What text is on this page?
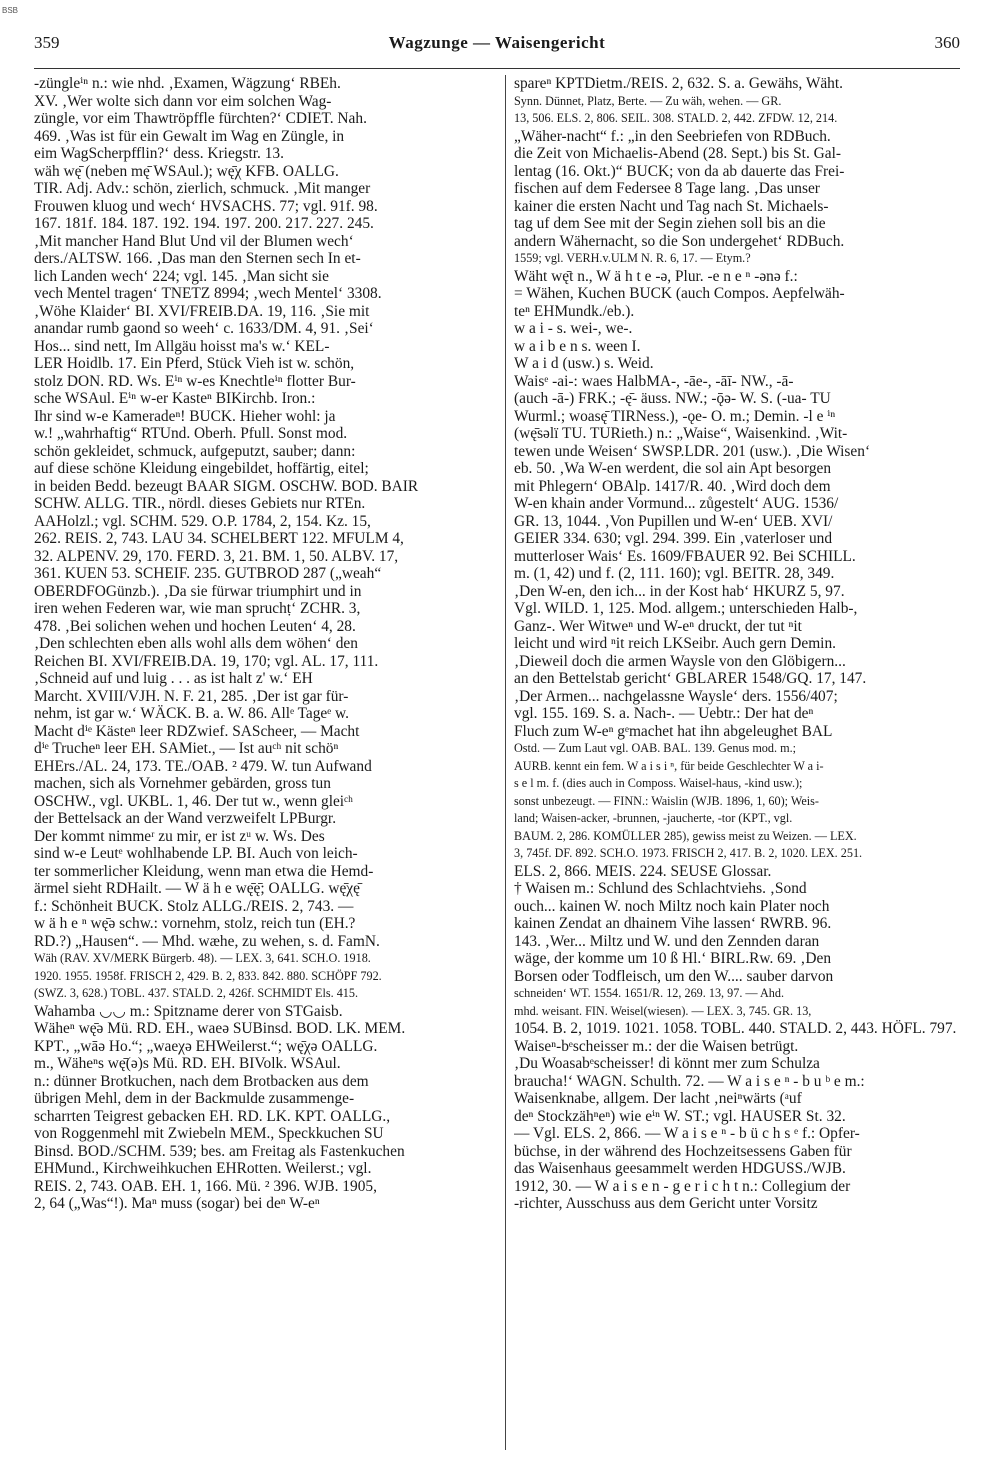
BSB
359	Wagzunge — Waisengericht	360
-züngleⁱⁿ n.: wie nhd. ‚Examen, Wägzung‘ RBEh.
XV. ‚Wer wolte sich dann vor eim solchen Wag-
züngle, vor eim Thawtröpffle fürchten?‘ CDIET. Nah.
469. ‚Was ist für ein Gewalt im Wag en Zünglе, in
eim WagScherpfflin?‘ dess. Kriegstr. 13.
wäh wę̄ (neben mę̄ WSAul.); wę̄χ KFB. OALLG.
TIR. Adj. Adv.: schön, zierlich, schmuck. ‚Mit manger
Frouwen kluog und wech‘ HVSACHS. 77; vgl. 91f. 98.
167. 181f. 184. 187. 192. 194. 197. 200. 217. 227. 245.
‚Mit mancher Hand Blut Und vil der Blumen wech‘
ders./ALTSW. 166. ‚Das man den Sternen sech In et-
lich Landen wech‘ 224; vgl. 145. ‚Man sicht sie
vech Mentel tragen‘ TNETZ 8994; ‚wech Mentel‘ 3308.
‚Wöhe Klaider‘ BI. XVI/FREIB.DA. 19, 116. ‚Sie mit
anandar rumb gaond so weeh‘ c. 1633/DM. 4, 91. ‚Sei‘
Hos... sind nett, Im Allgäu hoisst ma's w.‘ KEL-
LER Hoidlb. 17. Ein Pferd, Stück Vieh ist w. schön,
stolz DON. RD. Ws. Eⁱⁿ w-es Knechtleⁱⁿ flotter Bur-
sche WSAul. Eⁱⁿ w-er Kasteⁿ BIKirchb. Iron.:
Ihr sind w-e Kameradeⁿ! BUCK. Hieher wohl: ja
w.! „wahrhaftig“ RTUnd. Oberh. Pfull. Sonst mod.
schön gekleidet, schmuck, aufgeputzt, sauber; dann:
auf diese schöne Kleidung eingebildet, hoffärtig, eitel;
in beiden Bedd. bezeugt BAAR SIGM. OSCHW. BOD. BAIR
SCHW. ALLG. TIR., nördl. dieses Gebiets nur RTEn.
AAHolzl.; vgl. SCHM. 529. O.P. 1784, 2, 154. Kz. 15,
262. REIS. 2, 743. LAU 34. SCHELBERT 122. MFULM 4,
32. ALPENV. 29, 170. FERD. 3, 21. BM. 1, 50. ALBV. 17,
361. KUEN 53. SCHEIF. 235. GUTBROD 287 („weah“
OBERDFOGünzb.). ‚Da sie fürwar triumphirt und in
iren wehen Federen war, wie man spruchṭ‘ ZCHR. 3,
478. ‚Bei solichen wehen und hochen Leuten‘ 4, 28.
‚Den schlechten eben alls wohl alls dem wöhen‘ den
Reichen BI. XVI/FREIB.DA. 19, 170; vgl. AL. 17, 111.
‚Schneid auf und luig . . . as ist halt z' w.‘ EH
Marcht. XVIII/VJH. N. F. 21, 285. ‚Der ist gar für-
nehm, ist gar w.‘ WÄCK. B. a. W. 86. Allᵉ Tageᵉ w.
Macht dⁱᵉ Kästeⁿ leer RDZwief. SAScheer, — Macht
dⁱᵉ Trucheⁿ leer EH. SAMiet., — Ist auᶜʰ nit schöⁿ
EHErs./AL. 24, 173. TE./OAB. ² 479. W. tun Aufwand
machen, sich als Vornehmer gebärden, gross tun
OSCHW., vgl. UKBL. 1, 46. Der tut w., wenn gleiᶜʰ
der Bettelsack an der Wand verzweifelt LPBurgr.
Der kommt nimmeʳ zu mir, er ist zᵘ w. Ws. Des
sind w-e Leutᵉ wohlhabende LP. BI. Auch von leich-
ter sommerlicher Kleidung, wenn man etwa die Hemd-
ärmel sieht RDHailt. — W ä h e wę̄ę̄; OALLG. wę̄χę̄
f.: Schönheit BUCK. Stolz ALLG./REIS. 2, 743. —
w ä h e ⁿ wę̄ə schw.: vornehm, stolz, reich tun (EH.?
RD.?) „Hausen“. — Mhd. wæhe, zu wehen, s. d. FamN.
Wäh (RAV. XV/MERK Bürgerb. 48). — LEX. 3, 641. SCH.O. 1918.
1920. 1955. 1958f. FRISCH 2, 429. B. 2, 833. 842. 880. SCHÖPF 792.
(SWZ. 3, 628.) TOBL. 437. STALD. 2, 426f. SCHMIDT Els. 415.
Wahamba ◡◡ m.: Spitzname derer von STGaisb.
Wäheⁿ wę̄ə Mü. RD. EH., waeə SUBinsd. BOD. LK. MEM.
KPT., „wāə Ho.“; „waeχə EHWeilerst.“; wę̄χə OALLG.
m., Wäheⁿs wę̄(ə)s Mü. RD. EH. BIVolk. WSAul.
n.: dünner Brotkuchen, nach dem Brotbacken aus dem
übrigen Mehl, dem in der Backmulde zusammenge-
scharrten Teigrest gebacken EH. RD. LK. KPT. OALLG.,
von Roggenmehl mit Zwiebeln MEM., Speckkuchen SU
Binsd. BOD./SCHM. 539; bes. am Freitag als Fastenkuchen
EHMund., Kirchweihkuchen EHRotten. Weilerst.; vgl.
REIS. 2, 743. OAB. EH. 1, 166. Mü. ² 396. WJB. 1905,
2, 64 („Was“!). Maⁿ muss (sogar) bei deⁿ W-eⁿ
spareⁿ KPTDietm./REIS. 2, 632. S. a. Gewähs, Wäht.
Synn. Dünnet, Platz, Berte. — Zu wäh, wehen. — GR.
13, 506. ELS. 2, 806. SEIL. 308. STALD. 2, 442. ZFDW. 12, 214.
„Wäher-nacht“ f.: „in den Seebriefen von RDBuch.
die Zeit von Michaelis-Abend (28. Sept.) bis St. Gal-
lentag (16. Okt.)“ BUCK; von da ab dauerte das Frei-
fischen auf dem Federsee 8 Tage lang. ‚Das unser
kainer die ersten Nacht und Tag nach St. Michaels-
tag uf dem See mit der Segin ziehen soll bis an die
andern Wähernacht, so die Son undergehet‘ RDBuch.
1559; vgl. VERH.v.ULM N. R. 6, 17. — Etym.?
Wäht wę̄t n., W ä h t e -ə, Plur. -e n e ⁿ -ənə f.:
= Wähen, Kuchen BUCK (auch Compos. Aepfelwäh-
teⁿ EHMundk./eb.).
w a i - s. wei-, we-.
w a i b e n s. ween I.
W a i d (usw.) s. Weid.
Waisᵉ -ai-: waes HalbMA-, -āe-, -āī- NW., -ā-
(auch -ā-) FRK.; -ę̄- äuss. NW.; -ǭə- W. S. (-ua- TU
Wurml.; woasę̄ TIRNess.), -ǫe- O. m.; Demin. -l e ⁱⁿ
(wę̄sәlï TU. TURieth.) n.: „Waise“, Waisenkind. ‚Wit-
tewen unde Weisen‘ SWSP.LDR. 201 (usw.). ‚Die Wisen‘
eb. 50. ‚Wa W-en werdent, die sol ain Apt besorgen
mit Phlegern‘ OBAlp. 1417/R. 40. ‚Wird doch dem
W-en khain ander Vormund... zůgestelt‘ AUG. 1536/
GR. 13, 1044. ‚Von Pupillen und W-en‘ UEB. XVI/
GEIER 334. 630; vgl. 294. 399. Ein ‚vaterloser und
mutterloser Wais‘ Es. 1609/FBAUER 92. Bei SCHILL.
m. (1, 42) und f. (2, 111. 160); vgl. BEITR. 28, 349.
‚Den W-en, den ich... in der Kost hab‘ HKURZ 5, 97.
Vgl. WILD. 1, 125. Mod. allgem.; unterschieden Halb-,
Ganz-. Wer Witweⁿ und W-eⁿ druckt, der tut ⁿit
leicht und wird ⁿit reich LKSeibr. Auch gern Demin.
‚Dieweil doch die armen Waysle von den Glöbigern...
an den Bettelstab gericht‘ GBLARER 1548/GQ. 17, 147.
‚Der Armen... nachgelassne Waysle‘ ders. 1556/407;
vgl. 155. 169. S. a. Nach-. — Uebtr.: Der hat deⁿ
Fluch zum W-eⁿ gᵉmachet hat ihn abgeleughet BAL
Ostd. — Zum Laut vgl. OAB. BAL. 139. Genus mod. m.;
AURB. kennt ein fem. W a i s i ⁿ, für beide Geschlechter W a i-
s e l m. f. (dies auch in Composs. Waisel-haus, -kind usw.);
sonst unbezeugt. — FINN.: Waislin (WJB. 1896, 1, 60); Weis-
land; Waisen-acker, -brunnen, -jaucherte, -tor (KPT., vgl.
BAUM. 2, 286. KOMÜLLER 285), gewiss meist zu Weizen. — LEX.
3, 745f. DF. 892. SCH.O. 1973. FRISCH 2, 417. B. 2, 1020. LEX. 251.
ELS. 2, 866. MEIS. 224. SEUSE Glossar.
† Waisen m.: Schlund des Schlachtviehs. ‚Sond
ouch... kainen W. noch Miltz noch kain Plater noch
kainen Zendat an dhainem Vihe lassen‘ RWRB. 96.
143. ‚Wer... Miltz und W. und den Zennden daran
wäge, der komme um 10 ß Hl.‘ BIRL.Rw. 69. ‚Den
Borsen oder Todfleisch, um den W.... sauber darvon
schneiden‘ WT. 1554. 1651/R. 12, 269. 13, 97. — Ahd.
mhd. weisant. FIN. Weisel(wiesen). — LEX. 3, 745. GR. 13,
1054. B. 2, 1019. 1021. 1058. TOBL. 440. STALD. 2, 443. HÖFL. 797.
Waiseⁿ-bᵉscheisser m.: der die Waisen betrügt.
‚Du Woasabᵉscheisser! di könnt mer zum Schulza
braucha!‘ WAGN. Schulth. 72. — W a i s e ⁿ - b u ᵇ e m.:
Waisenknabe, allgem. Der lacht ‚neiⁿwärts (ᵃuf
deⁿ Stockzähⁿeⁿ) wie eⁱⁿ W. ST.; vgl. HAUSER St. 32.
— Vgl. ELS. 2, 866. — W a i s e ⁿ - b ü c h s ᵉ f.: Opfer-
büchse, in der während des Hochzeitsessens Gaben für
das Waisenhaus geesammelt werden HDGUSS./WJB.
1912, 30. — W a i s e n - g e r i c h t n.: Collegium der
-richter, Ausschuss aus dem Gericht unter Vorsitz
